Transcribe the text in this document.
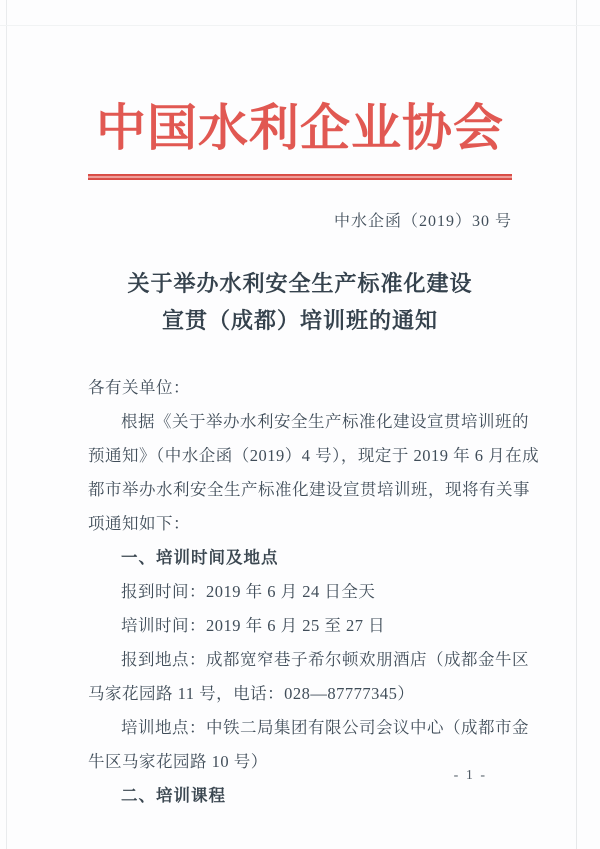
中国水利企业协会
中水企函（2019）30 号
关于举办水利安全生产标准化建设
宣贯（成都）培训班的通知
各有关单位：
根据《关于举办水利安全生产标准化建设宣贯培训班的
预通知》（中水企函（2019）4 号），现定于 2019 年 6 月在成
都市举办水利安全生产标准化建设宣贯培训班，现将有关事
项通知如下：
一、培训时间及地点
报到时间：2019 年 6 月 24 日全天
培训时间：2019 年 6 月 25 至 27 日
报到地点：成都宽窄巷子希尔顿欢朋酒店（成都金牛区
马家花园路 11 号，电话：028—87777345）
培训地点：中铁二局集团有限公司会议中心（成都市金
牛区马家花园路 10 号）
二、培训课程
- 1 -
